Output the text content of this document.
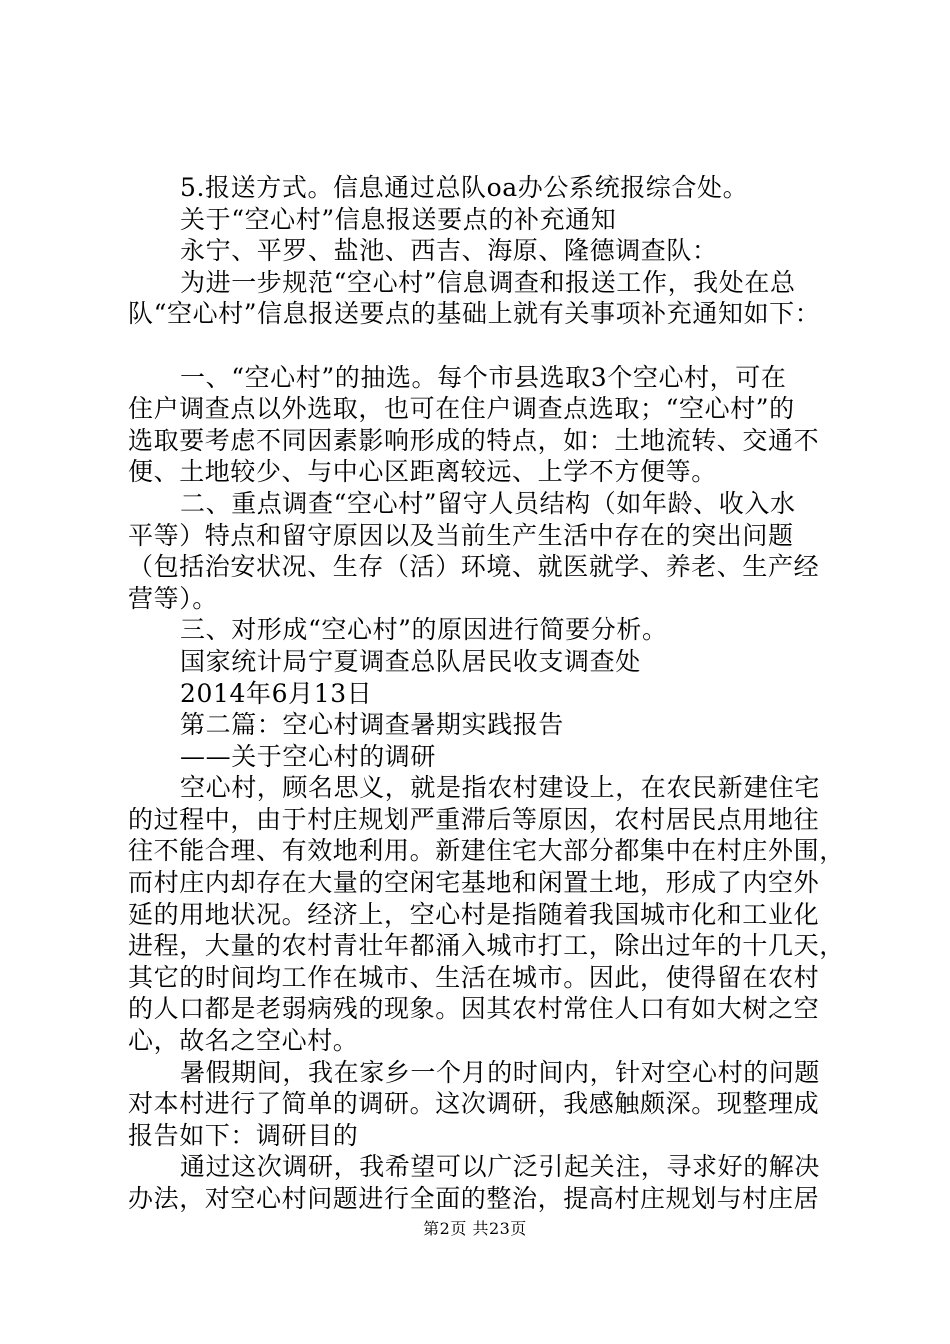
5.报送方式。信息通过总队oa办公系统报综合处。
关于“空心村”信息报送要点的补充通知
永宁、平罗、盐池、西吉、海原、隆德调查队：
为进一步规范“空心村”信息调查和报送工作，我处在总
队“空心村”信息报送要点的基础上就有关事项补充通知如下：
一、“空心村”的抽选。每个市县选取3个空心村，可在
住户调查点以外选取，也可在住户调查点选取；“空心村”的
选取要考虑不同因素影响形成的特点，如：土地流转、交通不
便、土地较少、与中心区距离较远、上学不方便等。
二、重点调查“空心村”留守人员结构（如年龄、收入水
平等）特点和留守原因以及当前生产生活中存在的突出问题
（包括治安状况、生存（活）环境、就医就学、养老、生产经
营等）。
三、对形成“空心村”的原因进行简要分析。
国家统计局宁夏调查总队居民收支调查处
2014年6月13日
第二篇：空心村调查暑期实践报告
——关于空心村的调研
空心村，顾名思义，就是指农村建设上，在农民新建住宅
的过程中，由于村庄规划严重滞后等原因，农村居民点用地往
往不能合理、有效地利用。新建住宅大部分都集中在村庄外围，
而村庄内却存在大量的空闲宅基地和闲置土地，形成了内空外
延的用地状况。经济上，空心村是指随着我国城市化和工业化
进程，大量的农村青壮年都涌入城市打工，除出过年的十几天，
其它的时间均工作在城市、生活在城市。因此，使得留在农村
的人口都是老弱病残的现象。因其农村常住人口有如大树之空
心，故名之空心村。
暑假期间，我在家乡一个月的时间内，针对空心村的问题
对本村进行了简单的调研。这次调研，我感触颇深。现整理成
报告如下：调研目的
通过这次调研，我希望可以广泛引起关注，寻求好的解决
办法，对空心村问题进行全面的整治，提高村庄规划与村庄居
第2页 共23页
